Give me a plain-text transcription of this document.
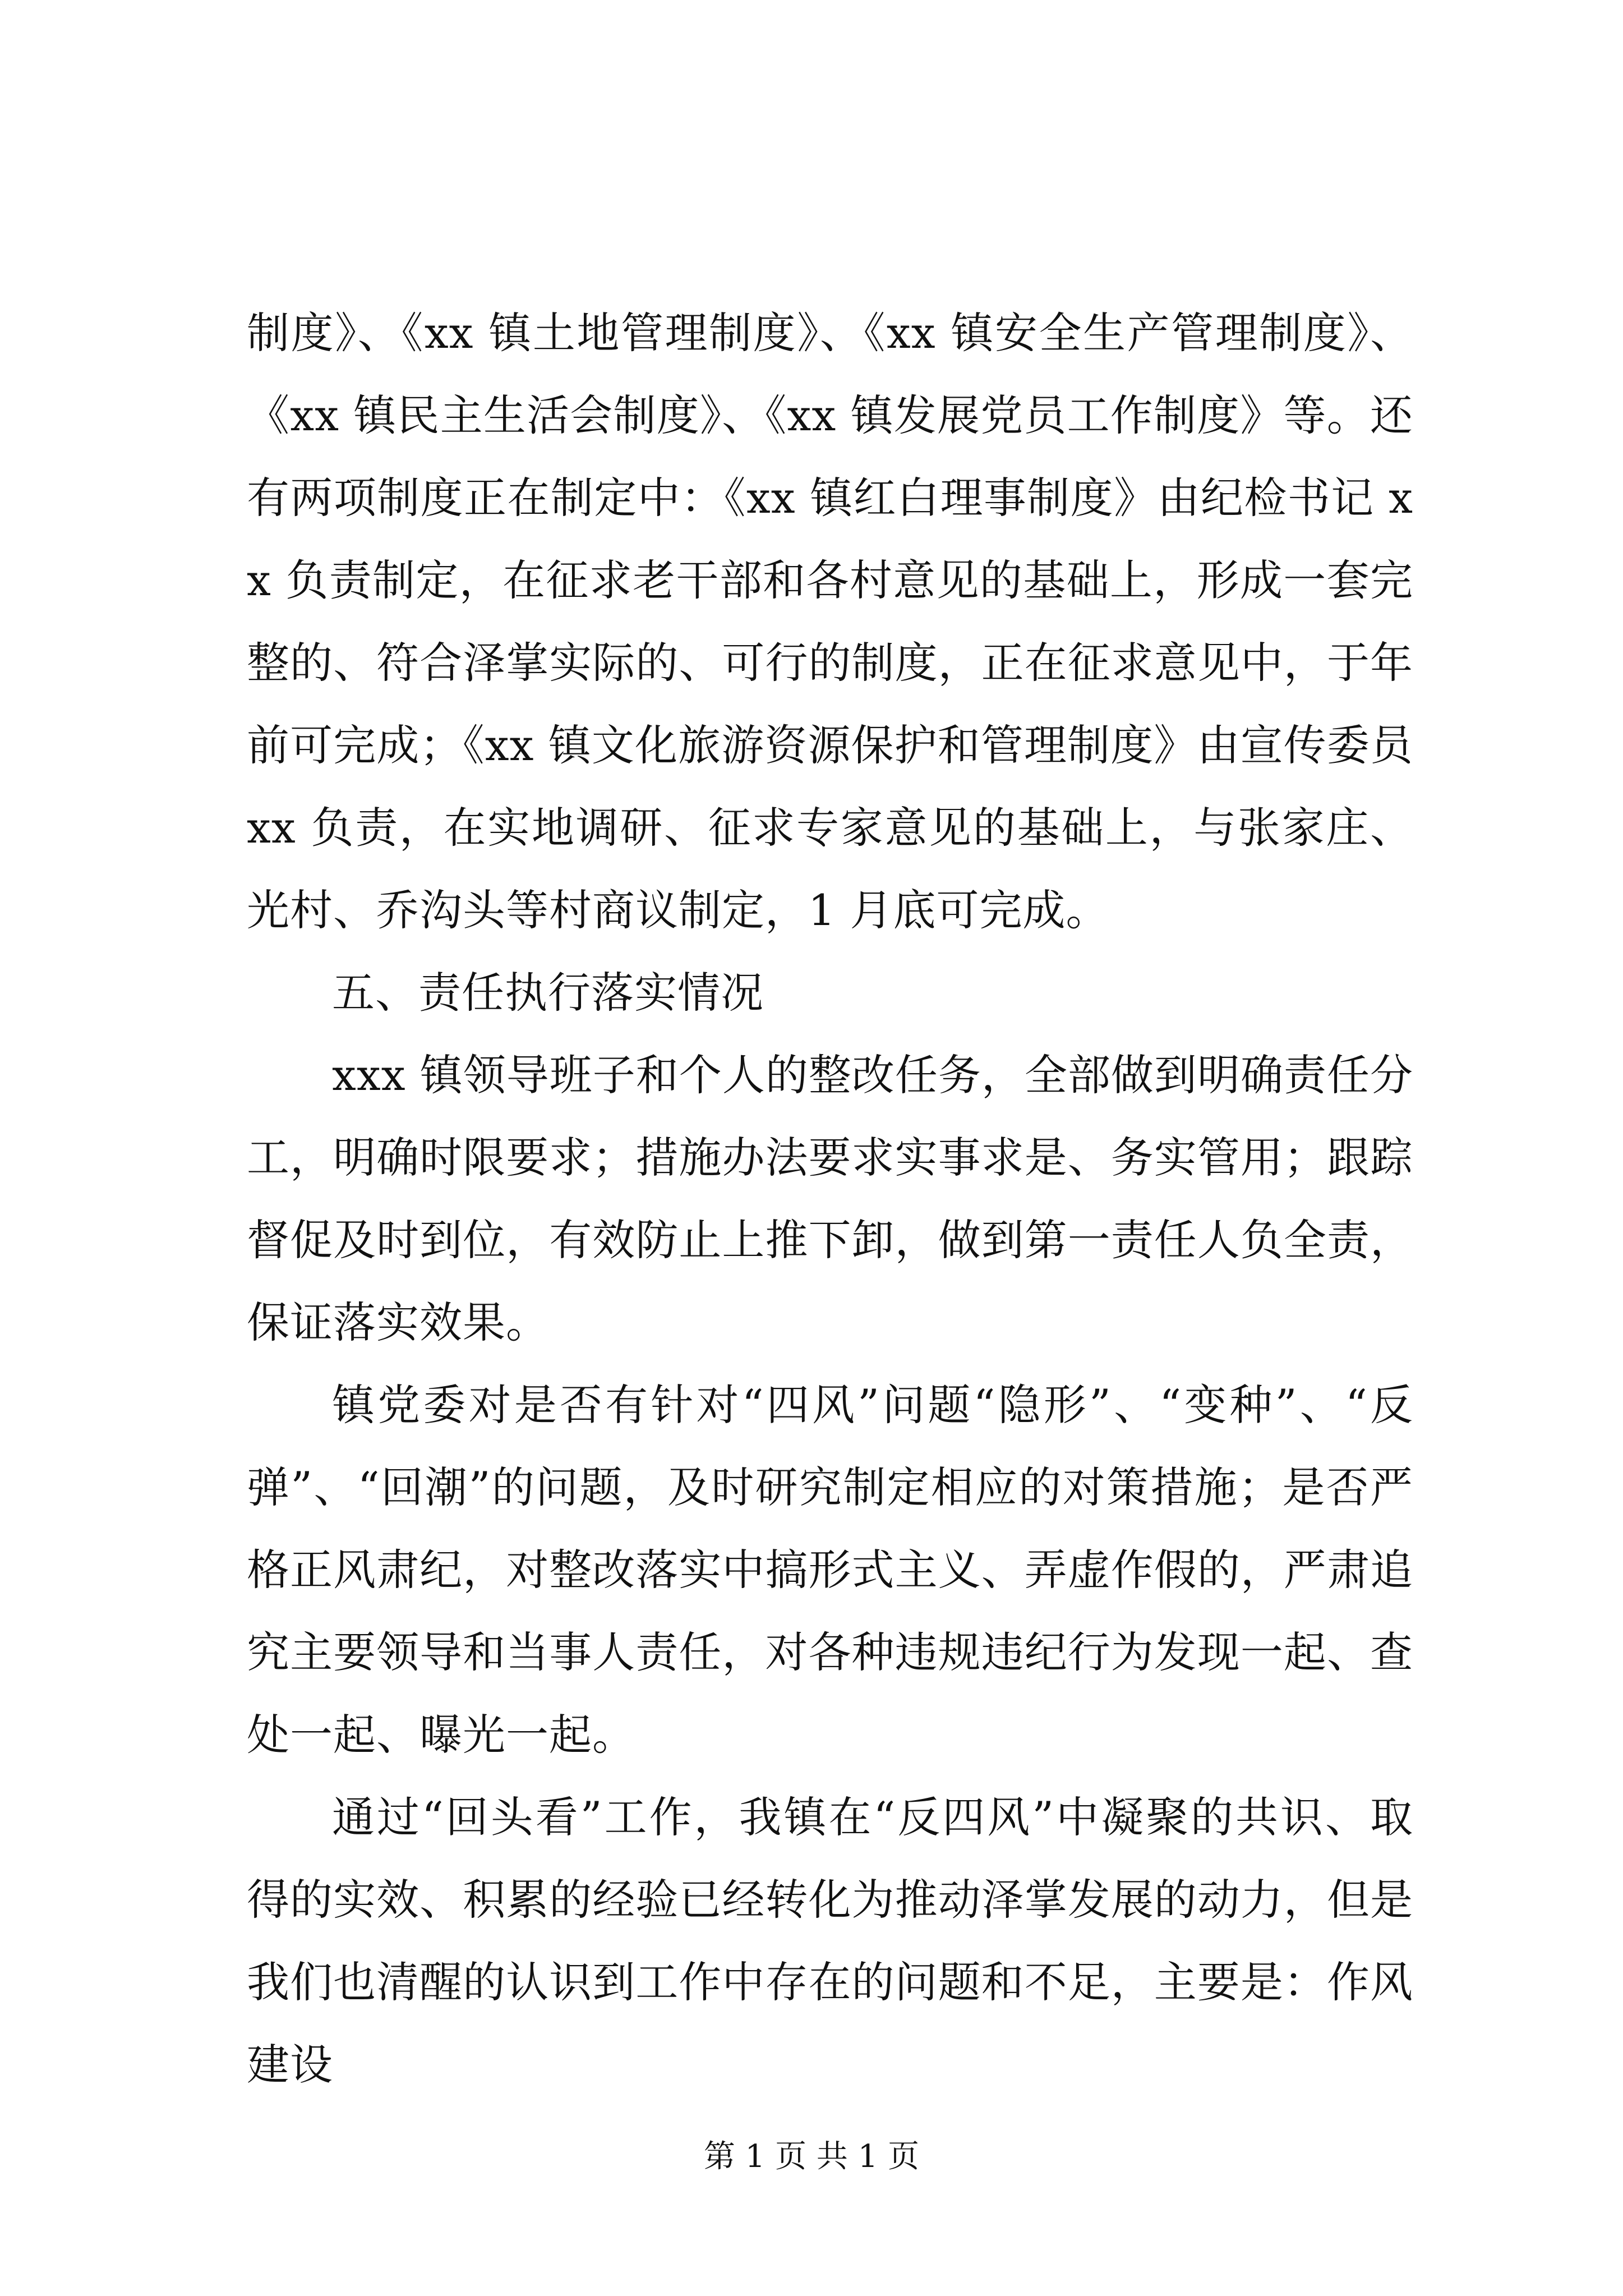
制度》、《xx 镇土地管理制度》、《xx 镇安全生产管理制度》、《xx 镇民主生活会制度》、《xx 镇发展党员工作制度》等。还有两项制度正在制定中：《xx 镇红白理事制度》由纪检书记 xx 负责制定，在征求老干部和各村意见的基础上，形成一套完整的、符合泽掌实际的、可行的制度，正在征求意见中，于年前可完成；《xx 镇文化旅游资源保护和管理制度》由宣传委员 xx 负责，在实地调研、征求专家意见的基础上，与张家庄、光村、乔沟头等村商议制定，1 月底可完成。

五、责任执行落实情况

xxx 镇领导班子和个人的整改任务，全部做到明确责任分工，明确时限要求；措施办法要求实事求是、务实管用；跟踪督促及时到位，有效防止上推下卸，做到第一责任人负全责，保证落实效果。

镇党委对是否有针对“四风”问题“隐形”、“变种”、“反弹”、“回潮”的问题，及时研究制定相应的对策措施；是否严格正风肃纪，对整改落实中搞形式主义、弄虚作假的，严肃追究主要领导和当事人责任，对各种违规违纪行为发现一起、查处一起、曝光一起。

通过“回头看”工作，我镇在“反四风”中凝聚的共识、取得的实效、积累的经验已经转化为推动泽掌发展的动力，但是我们也清醒的认识到工作中存在的问题和不足，主要是：作风建设

第 1 页 共 1 页
